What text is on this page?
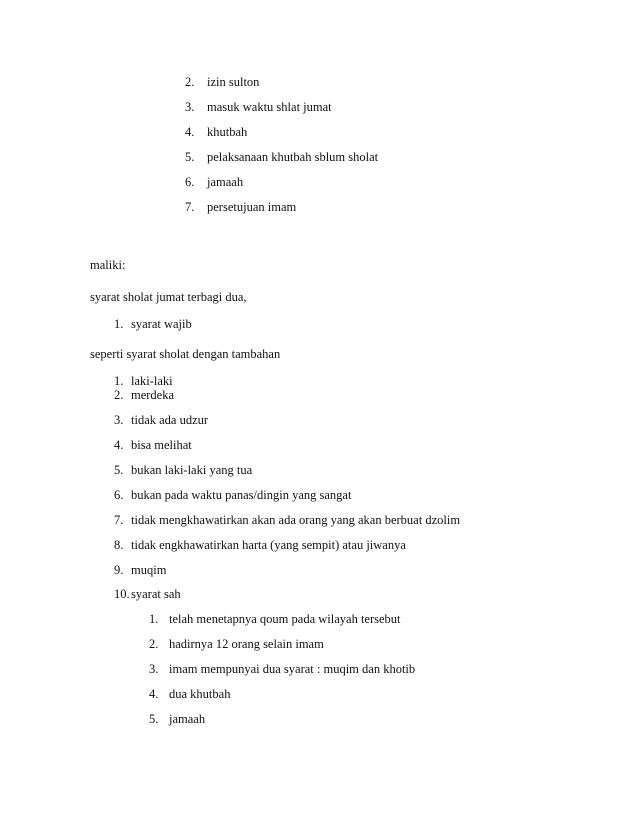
2. izin sulton
3. masuk waktu shlat jumat
4. khutbah
5. pelaksanaan khutbah sblum sholat
6. jamaah
7. persetujuan imam
maliki:
syarat sholat jumat terbagi dua,
1. syarat wajib
seperti syarat sholat dengan tambahan
1. laki-laki
2. merdeka
3. tidak ada udzur
4. bisa melihat
5. bukan laki-laki yang tua
6. bukan pada waktu panas/dingin yang sangat
7. tidak mengkhawatirkan akan ada orang yang akan berbuat dzolim
8. tidak engkhawatirkan harta (yang sempit) atau jiwanya
9. muqim
10. syarat sah
1. telah menetapnya qoum pada wilayah tersebut
2. hadirnya 12 orang selain imam
3. imam mempunyai dua syarat : muqim dan khotib
4. dua khutbah
5. jamaah
